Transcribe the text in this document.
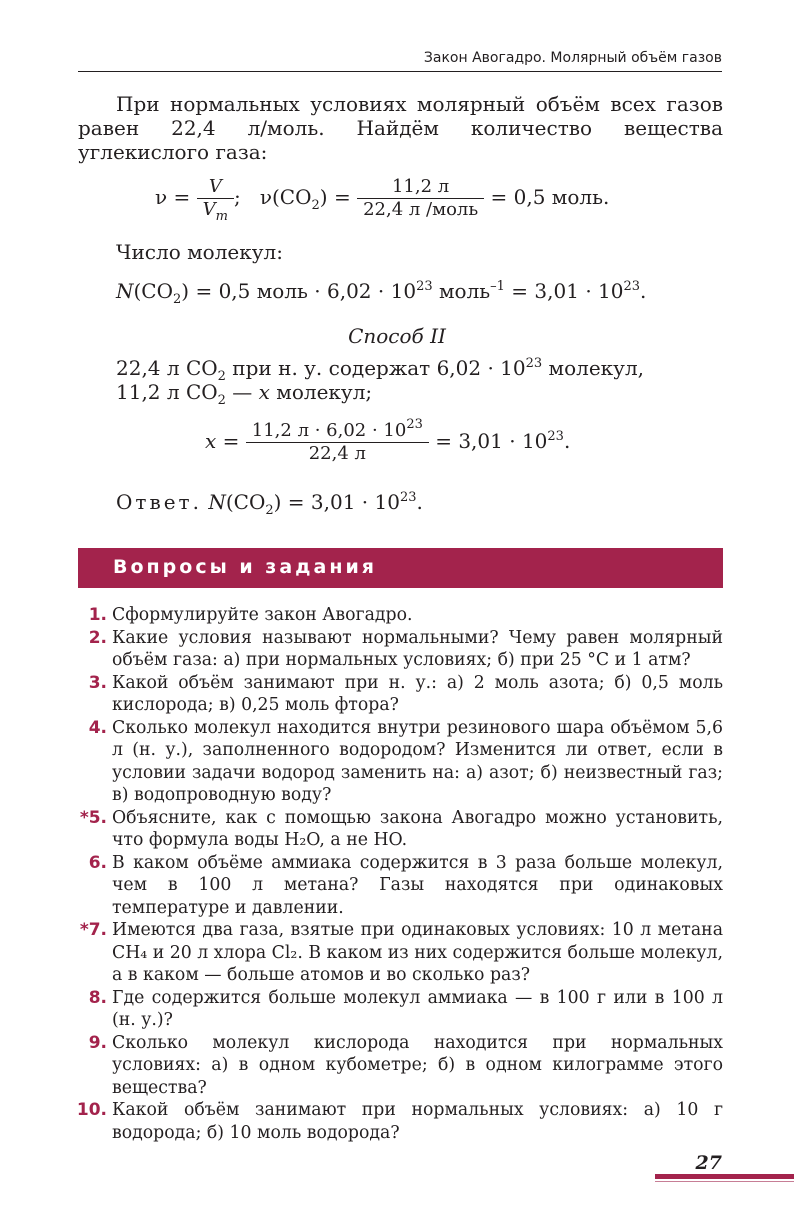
Закон Авогадро. Молярный объём газов
При нормальных условиях молярный объём всех газов равен 22,4 л/моль. Найдём количество вещества углекислого газа:
$\nu = \frac{V}{V_m}$ ; $\nu(CO_2) = \frac{11,2 л}{\text{22,4 л /моль}} = 0,5$ моль.
Число молекул:
$N(CO_2) = 0,5$ моль · $6,02 \cdot 10^{23}$ моль$^{-1}$ = $3,01 \cdot 10^{23}$.
Способ II
22,4 л $CO_2$ при н. у. содержат $6,02 \cdot 10^{23}$ молекул,
11,2 л $CO_2$ — x молекул;
$x = \frac{11,2 л \cdot 6,02 \cdot 10^{23}}{22,4 л} = 3,01 \cdot 10^{23}$.
Ответ. $N(CO_2) = 3,01 \cdot 10^{23}$.
Вопросы и задания
1. Сформулируйте закон Авогадро.
2. Какие условия называют нормальными? Чему равен молярный объём газа: а) при нормальных условиях; б) при 25 °C и 1 атм?
3. Какой объём занимают при н. у.: а) 2 моль азота; б) 0,5 моль кислорода; в) 0,25 моль фтора?
4. Сколько молекул находится внутри резинового шара объёмом 5,6 л (н. у.), заполненного водородом? Изменится ли ответ, если в условии задачи водород заменить на: а) азот; б) неизвестный газ; в) водопроводную воду?
*5. Объясните, как с помощью закона Авогадро можно установить, что формула воды H₂O, а не HO.
6. В каком объёме аммиака содержится в 3 раза больше молекул, чем в 100 л метана? Газы находятся при одинаковых температуре и давлении.
*7. Имеются два газа, взятые при одинаковых условиях: 10 л метана CH₄ и 20 л хлора Cl₂. В каком из них содержится больше молекул, а в каком — больше атомов и во сколько раз?
8. Где содержится больше молекул аммиака — в 100 г или в 100 л (н. у.)?
9. Сколько молекул кислорода находится при нормальных условиях: а) в одном кубометре; б) в одном килограмме этого вещества?
10. Какой объём занимают при нормальных условиях: а) 10 г водорода; б) 10 моль водорода?
27
